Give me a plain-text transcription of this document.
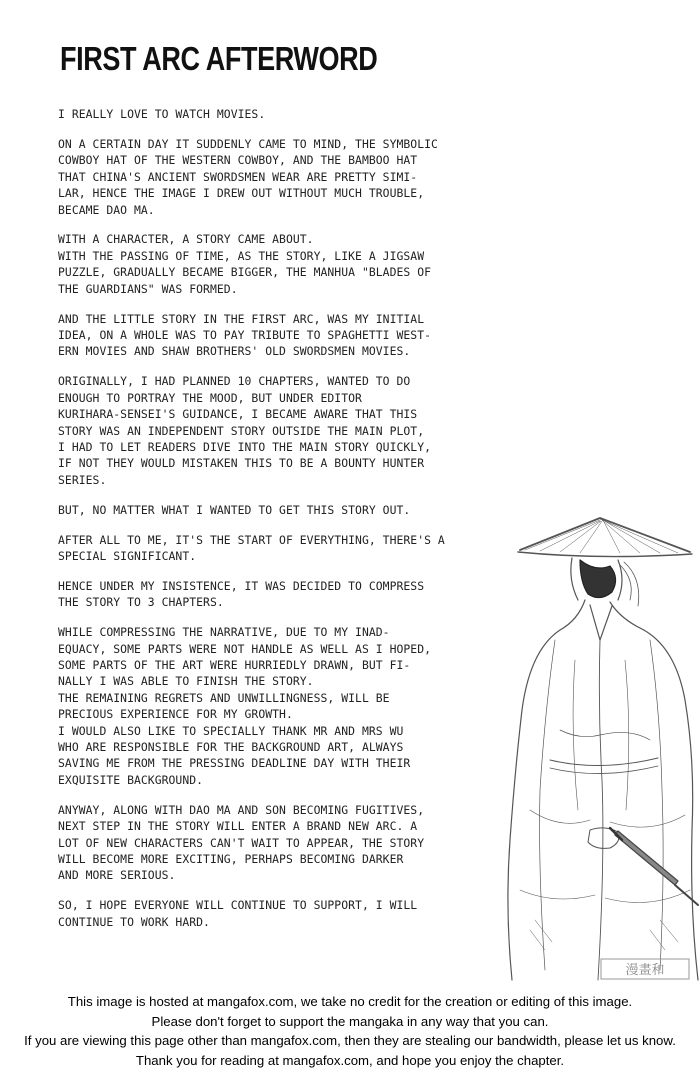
FIRST ARC AFTERWORD
I REALLY LOVE TO WATCH MOVIES.
ON A CERTAIN DAY IT SUDDENLY CAME TO MIND, THE SYMBOLIC
COWBOY HAT OF THE WESTERN COWBOY, AND THE BAMBOO HAT
THAT CHINA'S ANCIENT SWORDSMEN WEAR ARE PRETTY SIMI-
LAR, HENCE THE IMAGE I DREW OUT WITHOUT MUCH TROUBLE,
BECAME DAO MA.
WITH A CHARACTER, A STORY CAME ABOUT.
WITH THE PASSING OF TIME, AS THE STORY, LIKE A JIGSAW
PUZZLE, GRADUALLY BECAME BIGGER, THE MANHUA "BLADES OF
THE GUARDIANS" WAS FORMED.
AND THE LITTLE STORY IN THE FIRST ARC, WAS MY INITIAL
IDEA, ON A WHOLE WAS TO PAY TRIBUTE TO SPAGHETTI WEST-
ERN MOVIES AND SHAW BROTHERS' OLD SWORDSMEN MOVIES.
ORIGINALLY, I HAD PLANNED 10 CHAPTERS, WANTED TO DO
ENOUGH TO PORTRAY THE MOOD, BUT UNDER EDITOR
KURIHARA-SENSEI'S GUIDANCE, I BECAME AWARE THAT THIS
STORY WAS AN INDEPENDENT STORY OUTSIDE THE MAIN PLOT,
I HAD TO LET READERS DIVE INTO THE MAIN STORY QUICKLY,
IF NOT THEY WOULD MISTAKEN THIS TO BE A BOUNTY HUNTER
SERIES.
BUT, NO MATTER WHAT I WANTED TO GET THIS STORY OUT.
AFTER ALL TO ME, IT'S THE START OF EVERYTHING, THERE'S A
SPECIAL SIGNIFICANT.
HENCE UNDER MY INSISTENCE, IT WAS DECIDED TO COMPRESS
THE STORY TO 3 CHAPTERS.
WHILE COMPRESSING THE NARRATIVE, DUE TO MY INAD-
EQUACY, SOME PARTS WERE NOT HANDLE AS WELL AS I HOPED,
SOME PARTS OF THE ART WERE HURRIEDLY DRAWN, BUT FI-
NALLY I WAS ABLE TO FINISH THE STORY.
THE REMAINING REGRETS AND UNWILLINGNESS, WILL BE
PRECIOUS EXPERIENCE FOR MY GROWTH.
I WOULD ALSO LIKE TO SPECIALLY THANK MR AND MRS WU
WHO ARE RESPONSIBLE FOR THE BACKGROUND ART, ALWAYS
SAVING ME FROM THE PRESSING DEADLINE DAY WITH THEIR
EXQUISITE BACKGROUND.
ANYWAY, ALONG WITH DAO MA AND SON BECOMING FUGITIVES,
NEXT STEP IN THE STORY WILL ENTER A BRAND NEW ARC. A
LOT OF NEW CHARACTERS CAN'T WAIT TO APPEAR, THE STORY
WILL BECOME MORE EXCITING, PERHAPS BECOMING DARKER
AND MORE SERIOUS.
SO, I HOPE EVERYONE WILL CONTINUE TO SUPPORT, I WILL
CONTINUE TO WORK HARD.
漫畫和
This image is hosted at mangafox.com, we take no credit for the creation or editing of this image.
Please don't forget to support the mangaka in any way that you can.
If you are viewing this page other than mangafox.com, then they are stealing our bandwidth, please let us know.
Thank you for reading at mangafox.com, and hope you enjoy the chapter.
